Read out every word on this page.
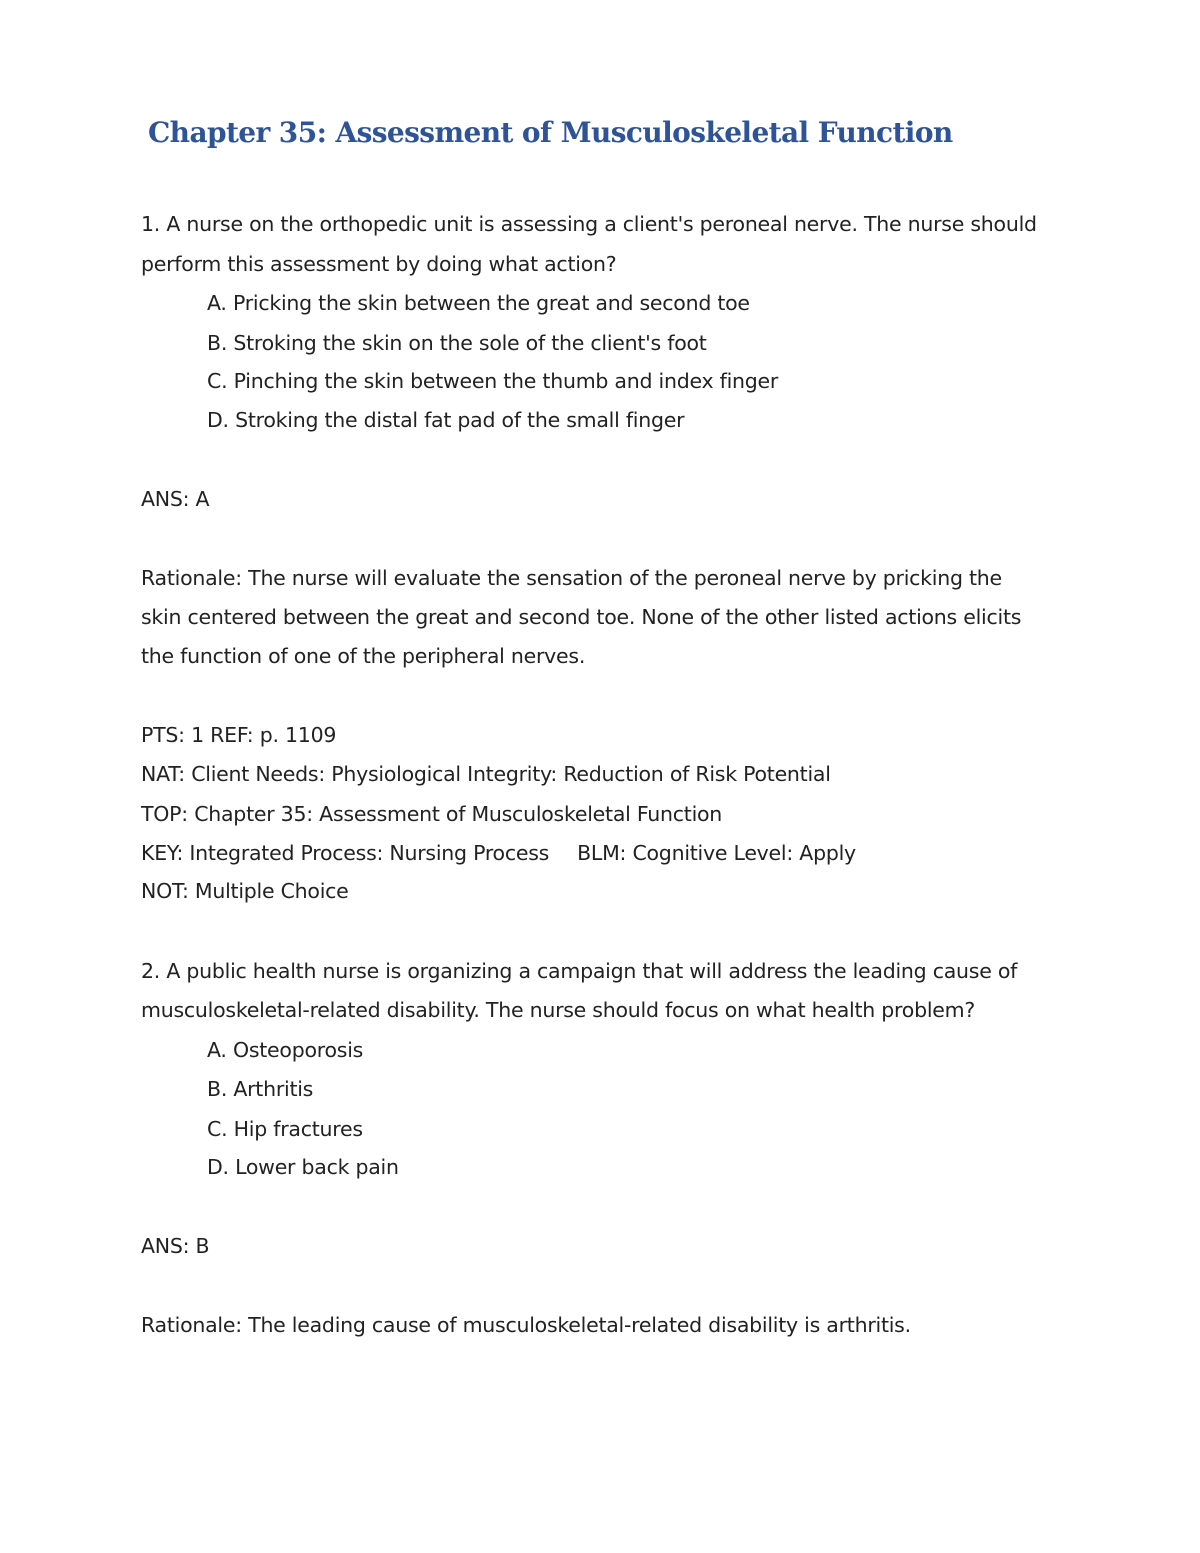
Chapter 35: Assessment of Musculoskeletal Function
1. A nurse on the orthopedic unit is assessing a client's peroneal nerve. The nurse should
perform this assessment by doing what action?
A. Pricking the skin between the great and second toe
B. Stroking the skin on the sole of the client's foot
C. Pinching the skin between the thumb and index finger
D. Stroking the distal fat pad of the small finger
ANS: A
Rationale: The nurse will evaluate the sensation of the peroneal nerve by pricking the
skin centered between the great and second toe. None of the other listed actions elicits
the function of one of the peripheral nerves.
PTS: 1 REF: p. 1109
NAT: Client Needs: Physiological Integrity: Reduction of Risk Potential
TOP: Chapter 35: Assessment of Musculoskeletal Function
KEY: Integrated Process: Nursing Process BLM: Cognitive Level: Apply
NOT: Multiple Choice
2. A public health nurse is organizing a campaign that will address the leading cause of
musculoskeletal-related disability. The nurse should focus on what health problem?
A. Osteoporosis
B. Arthritis
C. Hip fractures
D. Lower back pain
ANS: B
Rationale: The leading cause of musculoskeletal-related disability is arthritis.
